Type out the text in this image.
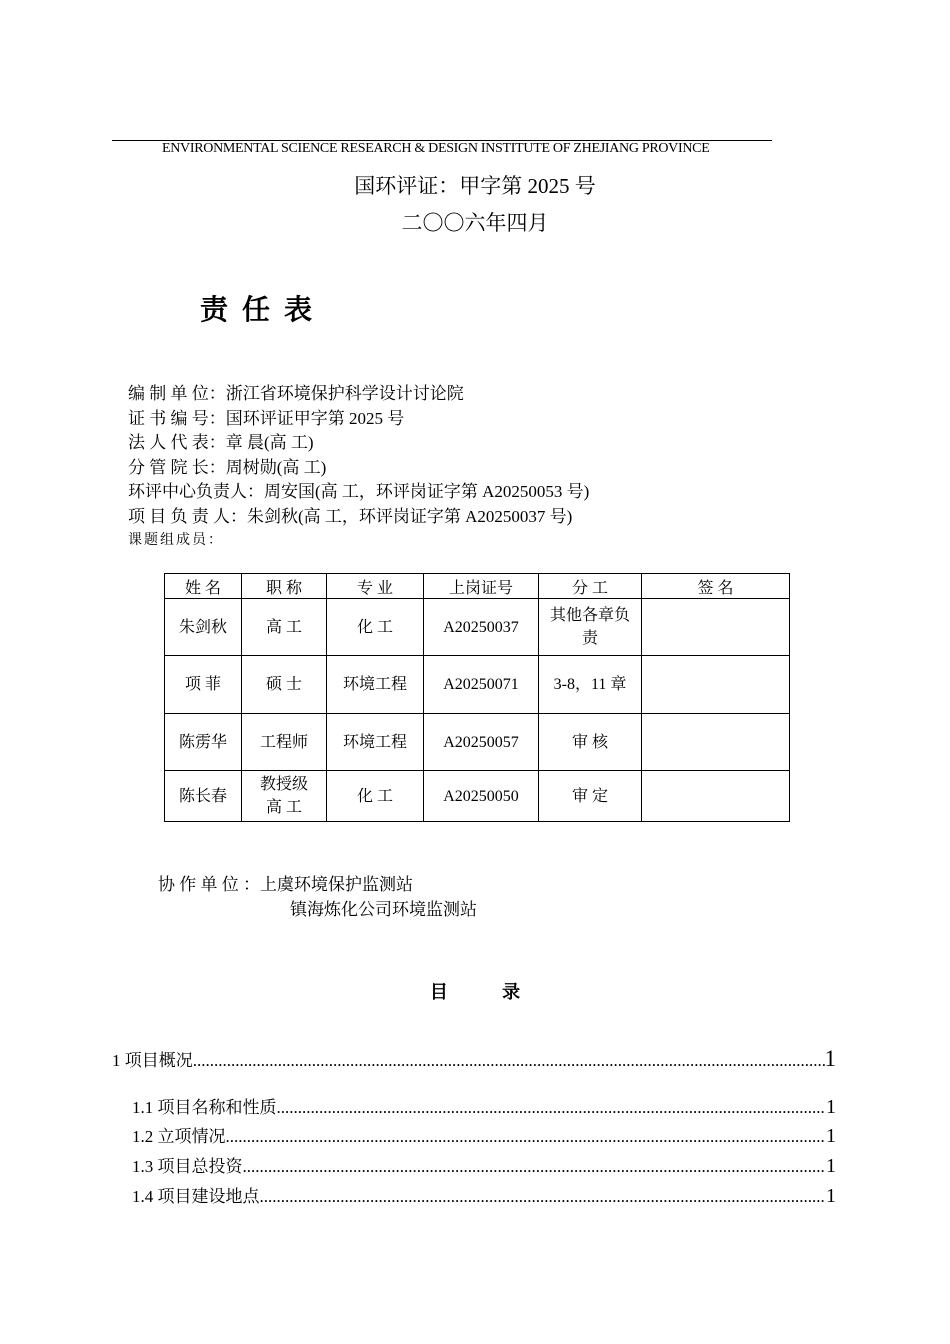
ENVIRONMENTAL SCIENCE RESEARCH & DESIGN INSTITUTE OF ZHEJIANG PROVINCE
国环评证：甲字第 2025 号
二〇〇六年四月
责任表
编 制 单 位：浙江省环境保护科学设计讨论院
证 书 编 号：国环评证甲字第 2025 号
法 人 代 表：章 晨(高 工)
分 管 院 长：周树勋(高 工)
环评中心负责人：周安国(高 工，环评岗证字第 A20250053 号)
项 目 负 责 人：朱剑秋(高 工，环评岗证字第 A20250037 号)
课题组成员：
姓 名	职 称	专 业	上岗证号	分 工	签 名
朱剑秋	高 工	化 工	A20250037	其他各章负责	
项 菲	硕 士	环境工程	A20250071	3-8，11 章	
陈雳华	工程师	环境工程	A20250057	审 核	
陈长春	教授级高 工	化 工	A20250050	审 定	
协 作 单 位 ：上虞环境保护监测站
镇海炼化公司环境监测站
目 录
1 项目概况 .....	1
1.1 项目名称和性质 .....	1
1.2 立项情况 .....	1
1.3 项目总投资 .....	1
1.4 项目建设地点 .....	1
